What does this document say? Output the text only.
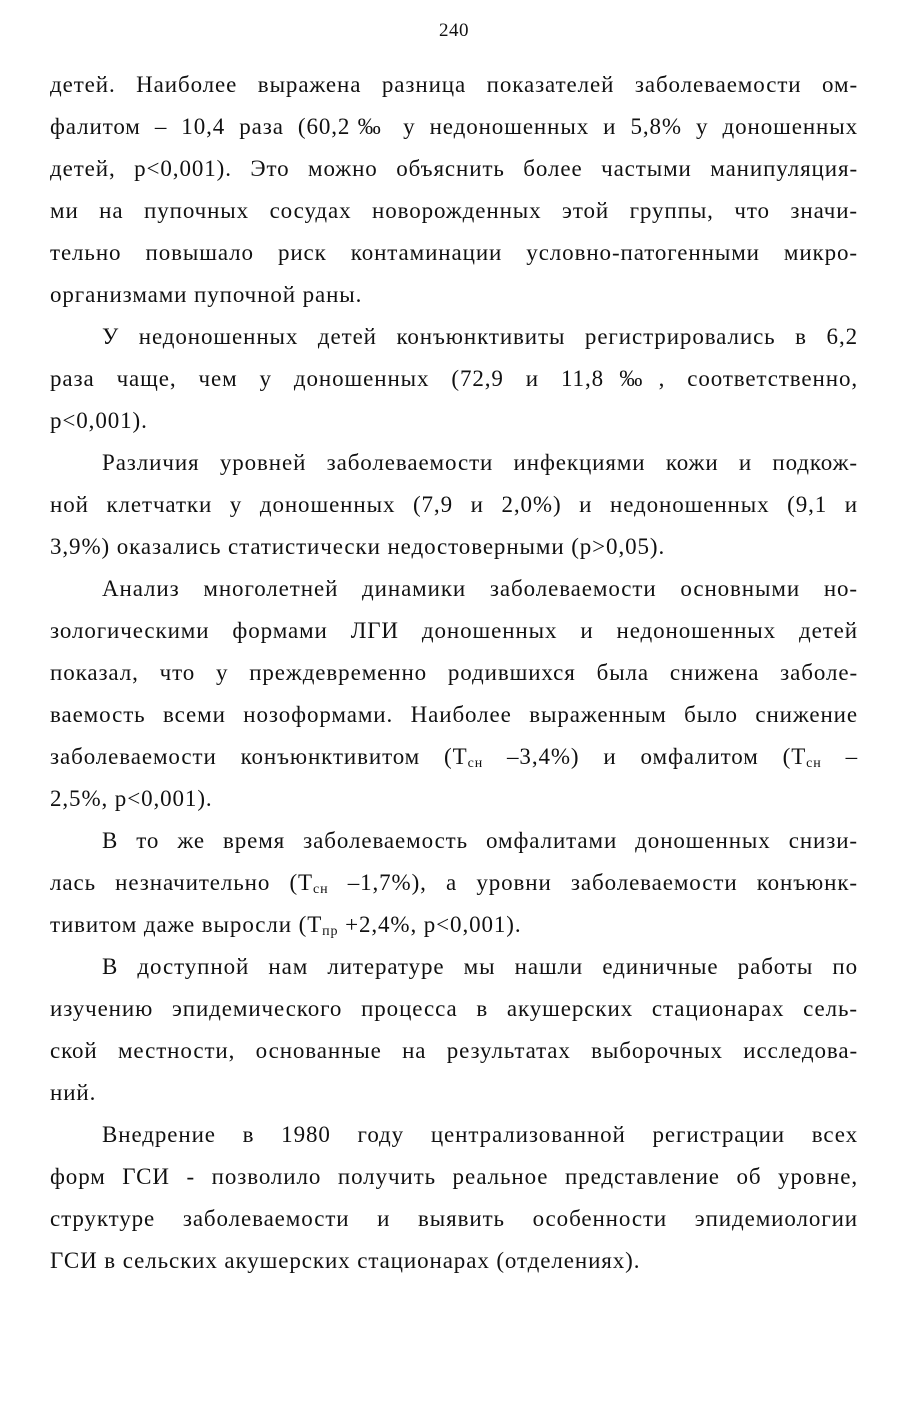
240
детей. Наиболее выражена разница показателей заболеваемости ом-
фалитом – 10,4 раза (60,2‰ у недоношенных и 5,8% у доношенных
детей, р<0,001). Это можно объяснить более частыми манипуляция-
ми на пупочных сосудах новорожденных этой группы, что значи-
тельно повышало риск контаминации условно-патогенными микро-
организмами пупочной раны.
У недоношенных детей конъюнктивиты регистрировались в 6,2
раза чаще, чем у доношенных (72,9 и 11,8‰, соответственно,
р<0,001).
Различия уровней заболеваемости инфекциями кожи и подкож-
ной клетчатки у доношенных (7,9 и 2,0%) и недоношенных (9,1 и
3,9%) оказались статистически недостоверными (р>0,05).
Анализ многолетней динамики заболеваемости основными но-
зологическими формами ЛГИ доношенных и недоношенных детей
показал, что у преждевременно родившихся была снижена заболе-
ваемость всеми нозоформами. Наиболее выраженным было снижение
заболеваемости конъюнктивитом ($Т_{сн}$ –3,4%) и омфалитом ($Т_{сн}$ –
2,5%, р<0,001).
В то же время заболеваемость омфалитами доношенных снизи-
лась незначительно ($Т_{сн}$ –1,7%), а уровни заболеваемости конъюнк-
тивитом даже выросли ($Т_{пр} +2,4\%$, р<0,001).
В доступной нам литературе мы нашли единичные работы по
изучению эпидемического процесса в акушерских стационарах сель-
ской местности, основанные на результатах выборочных исследова-
ний.
Внедрение в 1980 году централизованной регистрации всех
форм ГСИ - позволило получить реальное представление об уровне,
структуре заболеваемости и выявить особенности эпидемиологии
ГСИ в сельских акушерских стационарах (отделениях).
